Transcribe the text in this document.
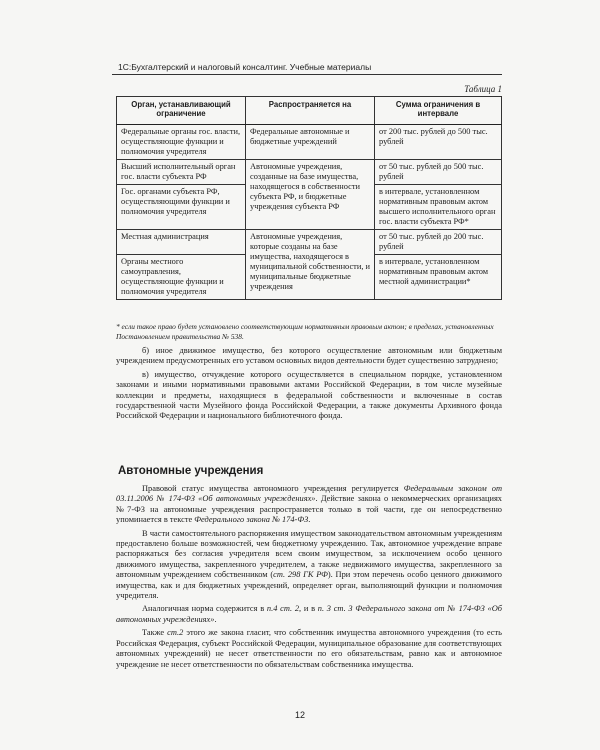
1С:Бухгалтерский и налоговый консалтинг. Учебные материалы
Таблица 1
Орган, устанавливающий ограничение	Распространяется на	Сумма ограничения в интервале
Федеральные органы гос. власти, осуществляющие функции и полномочия учредителя	Федеральные автономные и бюджетные учреждений	от 200 тыс. рублей до 500 тыс. рублей
Высший исполнительный орган гос. власти субъекта РФ	Автономные учреждения, созданные на базе имущества, находящегося в собственности субъекта РФ, и бюджетные учреждения субъекта РФ	от 50 тыс. рублей до 500 тыс. рублей
Гос. органами субъекта РФ, осуществляющими функции и полномочия учредителя		в интервале, установленном нормативным правовым актом высшего исполнительного орган гос. власти субъекта РФ*
Местная администрация	Автономные учреждения, которые созданы на базе имущества, находящегося в муниципальной собственности, и муниципальные бюджетные учреждения	от 50 тыс. рублей до 200 тыс. рублей
Органы местного самоуправления, осуществляющие функции и полномочия учредителя		в интервале, установленном нормативным правовым актом местной администрации*
* если такое право будет установлено соответствующим нормативным правовым актом; в пределах, установленных Постановлением правительства № 538.

б) иное движимое имущество, без которого осуществление автономным или бюджетным учреждением предусмотренных его уставом основных видов деятельности будет существенно затруднено;

в) имущество, отчуждение которого осуществляется в специальном порядке, установленном законами и иными нормативными правовыми актами Российской Федерации, в том числе музейные коллекции и предметы, находящиеся в федеральной собственности и включенные в состав государственной части Музейного фонда Российской Федерации, а также документы Архивного фонда Российской Федерации и национального библиотечного фонда.

Автономные учреждения

Правовой статус имущества автономного учреждения регулируется Федеральным законом от 03.11.2006 № 174-ФЗ «Об автономных учреждениях». Действие закона о некоммерческих организациях №7-ФЗ на автономные учреждения распространяется только в той части, где он непосредственно упоминается в тексте Федерального закона № 174-ФЗ.

В части самостоятельного распоряжения имуществом законодательством автономным учреждениям предоставлено больше возможностей, чем бюджетному учреждению. Так, автономное учреждение вправе распоряжаться без согласия учредителя всем своим имуществом, за исключением особо ценного движимого имущества, закрепленного учредителем, а также недвижимого имущества, закрепленного за автономным учреждением собственником (ст. 298 ГК РФ). При этом перечень особо ценного движимого имущества, как и для бюджетных учреждений, определяет орган, выполняющий функции и полномочия учредителя.

Аналогичная норма содержится в п.4 ст. 2, и в п. 3 ст. 3 Федерального закона от № 174-ФЗ «Об автономных учреждениях».

Также ст.2 этого же закона гласит, что собственник имущества автономного учреждения (то есть Российская Федерация, субъект Российской Федерации, муниципальное образование для соответствующих автономных учреждений) не несет ответственности по его обязательствам, равно как и автономное учреждение не несет ответственности по обязательствам собственника имущества.

12
